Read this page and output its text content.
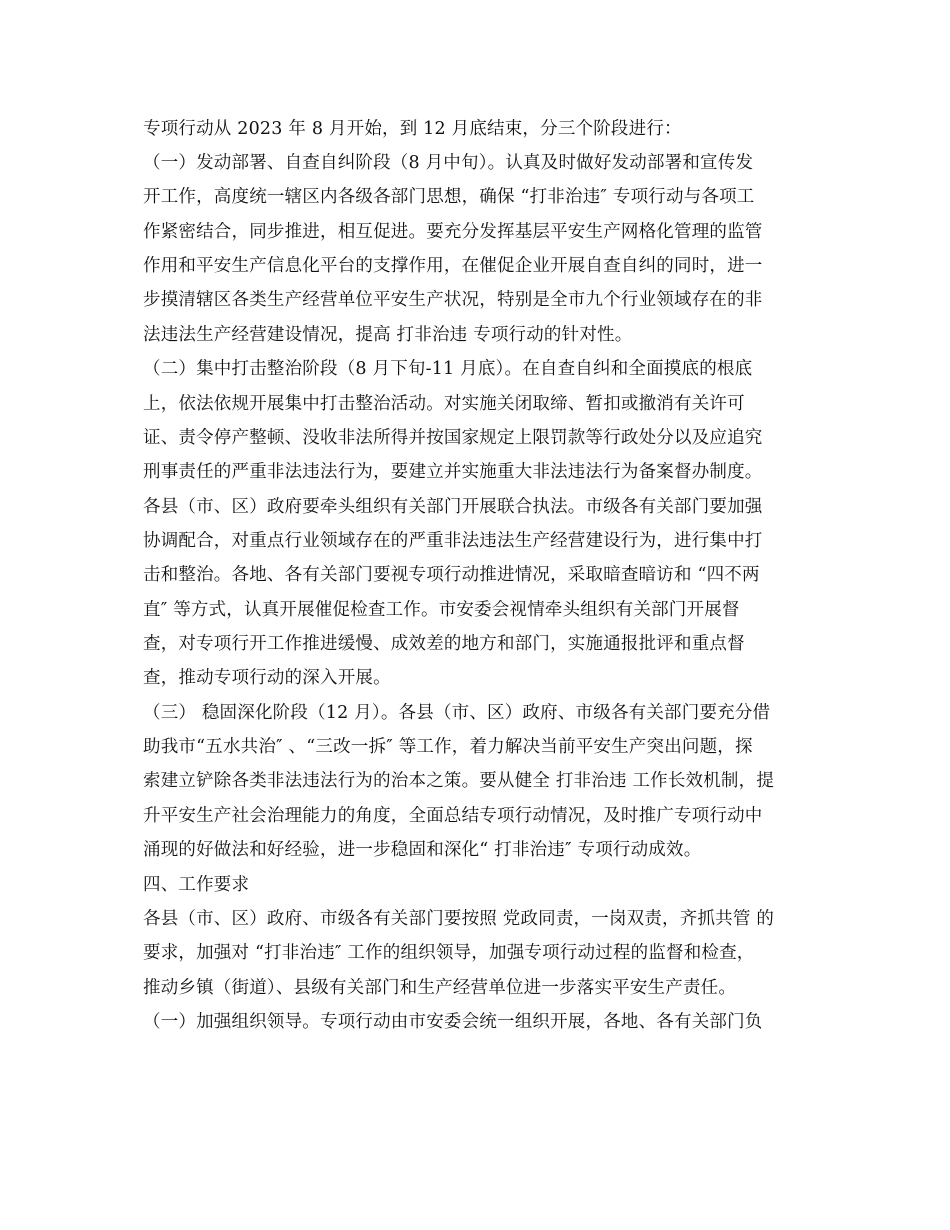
专项行动从 2023 年 8 月开始，到 12 月底结束，分三个阶段进行：
（一）发动部署、自查自纠阶段（8 月中旬）。认真及时做好发动部署和宣传发
开工作，高度统一辖区内各级各部门思想，确保 “打非治违″ 专项行动与各项工
作紧密结合，同步推进，相互促进。要充分发挥基层平安生产网格化管理的监管
作用和平安生产信息化平台的支撑作用，在催促企业开展自查自纠的同时，进一
步摸清辖区各类生产经营单位平安生产状况，特别是全市九个行业领域存在的非
法违法生产经营建设情况，提高 打非治违 专项行动的针对性。
（二）集中打击整治阶段（8 月下旬-11 月底）。在自查自纠和全面摸底的根底
上，依法依规开展集中打击整治活动。对实施关闭取缔、暂扣或撤消有关许可
证、责令停产整顿、没收非法所得并按国家规定上限罚款等行政处分以及应追究
刑事责任的严重非法违法行为，要建立并实施重大非法违法行为备案督办制度。
各县（市、区）政府要牵头组织有关部门开展联合执法。市级各有关部门要加强
协调配合，对重点行业领域存在的严重非法违法生产经营建设行为，进行集中打
击和整治。各地、各有关部门要视专项行动推进情况，采取暗查暗访和 “四不两
直″ 等方式，认真开展催促检查工作。市安委会视情牵头组织有关部门开展督
查，对专项行开工作推进缓慢、成效差的地方和部门，实施通报批评和重点督
查，推动专项行动的深入开展。
（三） 稳固深化阶段（12 月）。各县（市、区）政府、市级各有关部门要充分借
助我市“五水共治″ 、“三改一拆″ 等工作，着力解决当前平安生产突出问题，探
索建立铲除各类非法违法行为的治本之策。要从健全 打非治违 工作长效机制，提
升平安生产社会治理能力的角度，全面总结专项行动情况，及时推广专项行动中
涌现的好做法和好经验，进一步稳固和深化“ 打非治违″ 专项行动成效。
四、工作要求
各县（市、区）政府、市级各有关部门要按照 党政同责，一岗双责，齐抓共管 的
要求，加强对 “打非治违″ 工作的组织领导，加强专项行动过程的监督和检查，
推动乡镇（街道）、县级有关部门和生产经营单位进一步落实平安生产责任。
（一）加强组织领导。专项行动由市安委会统一组织开展，各地、各有关部门负
